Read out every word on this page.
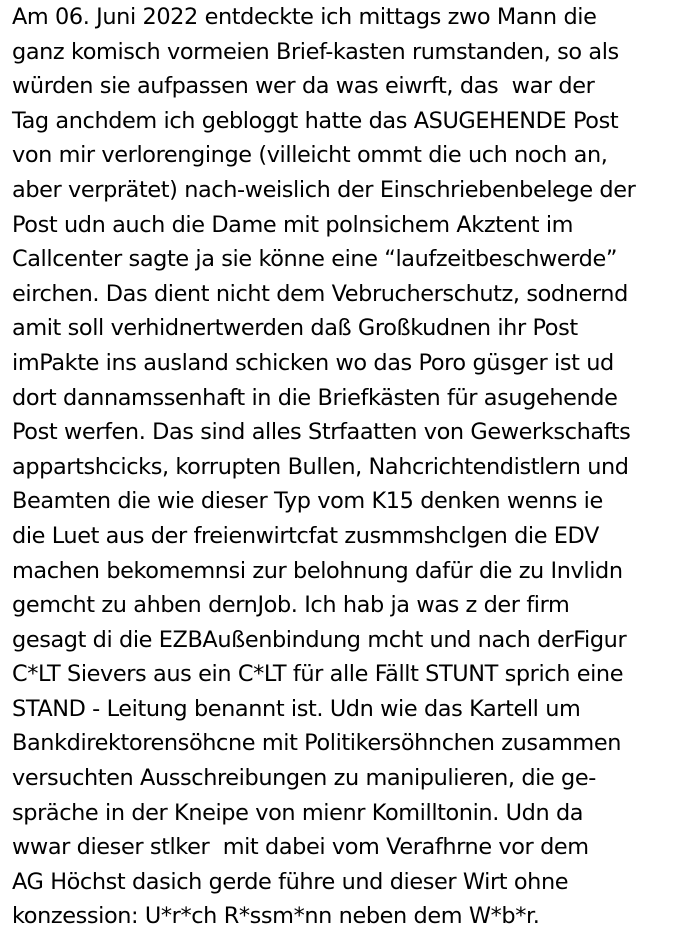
Am 06. Juni 2022 entdeckte ich mittags zwo Mann die
ganz komisch vormeien Brief-kasten rumstanden, so als
würden sie aufpassen wer da was eiwrft, das  war der
Tag anchdem ich gebloggt hatte das ASUGEHENDE Post
von mir verlorenginge (villeicht ommt die uch noch an,
aber verprätet) nach-weislich der Einschriebenbelege der
Post udn auch die Dame mit polnsichem Akztent im
Callcenter sagte ja sie könne eine “laufzeitbeschwerde”
eirchen. Das dient nicht dem Vebrucherschutz, sodnernd
amit soll verhidnertwerden daß Großkudnen ihr Post
imPakte ins ausland schicken wo das Poro güsger ist ud
dort dannamssenhaft in die Briefkästen für asugehende
Post werfen. Das sind alles Strfaatten von Gewerkschafts
appartshcicks, korrupten Bullen, Nahcrichtendistlern und
Beamten die wie dieser Typ vom K15 denken wenns ie
die Luet aus der freienwirtcfat zusmmshclgen die EDV
machen bekomemnsi zur belohnung dafür die zu Invlidn
gemcht zu ahben dernJob. Ich hab ja was z der firm
gesagt di die EZBAußenbindung mcht und nach derFigur
C*LT Sievers aus ein C*LT für alle Fällt STUNT sprich eine
STAND - Leitung benannt ist. Udn wie das Kartell um
Bankdirektorensöhcne mit Politikersöhnchen zusammen
versuchten Ausschreibungen zu manipulieren, die ge-
spräche in der Kneipe von mienr Komilltonin. Udn da
wwar dieser stlker  mit dabei vom Verafhrne vor dem
AG Höchst dasich gerde führe und dieser Wirt ohne
konzession: U*r*ch R*ssm*nn neben dem W*b*r.
